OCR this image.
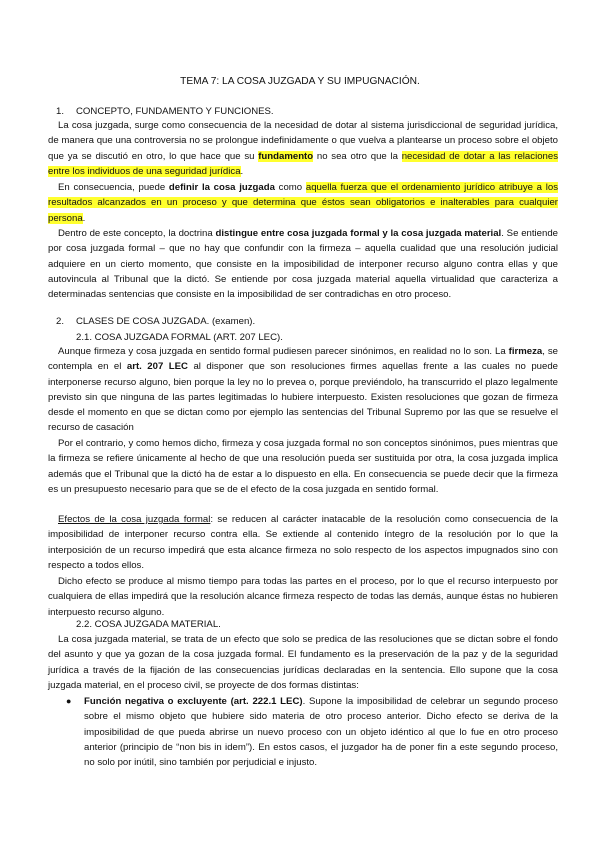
TEMA 7: LA COSA JUZGADA Y SU IMPUGNACIÓN.
1. CONCEPTO, FUNDAMENTO Y FUNCIONES.

La cosa juzgada, surge como consecuencia de la necesidad de dotar al sistema jurisdiccional de seguridad jurídica, de manera que una controversia no se prolongue indefinidamente o que vuelva a plantearse un proceso sobre el objeto que ya se discutió en otro, lo que hace que su fundamento no sea otro que la necesidad de dotar a las relaciones entre los individuos de una seguridad jurídica.

En consecuencia, puede definir la cosa juzgada como aquella fuerza que el ordenamiento jurídico atribuye a los resultados alcanzados en un proceso y que determina que éstos sean obligatorios e inalterables para cualquier persona.

Dentro de este concepto, la doctrina distingue entre cosa juzgada formal y la cosa juzgada material. Se entiende por cosa juzgada formal – que no hay que confundir con la firmeza – aquella cualidad que una resolución judicial adquiere en un cierto momento, que consiste en la imposibilidad de interponer recurso alguno contra ellas y que autovincula al Tribunal que la dictó. Se entiende por cosa juzgada material aquella virtualidad que caracteriza a determinadas sentencias que consiste en la imposibilidad de ser contradichas en otro proceso.

2. CLASES DE COSA JUZGADA. (examen).
2.1. COSA JUZGADA FORMAL (ART. 207 LEC).

Aunque firmeza y cosa juzgada en sentido formal pudiesen parecer sinónimos, en realidad no lo son. La firmeza, se contempla en el art. 207 LEC al disponer que son resoluciones firmes aquellas frente a las cuales no puede interponerse recurso alguno, bien porque la ley no lo prevea o, porque previéndolo, ha transcurrido el plazo legalmente previsto sin que ninguna de las partes legitimadas lo hubiere interpuesto. Existen resoluciones que gozan de firmeza desde el momento en que se dictan como por ejemplo las sentencias del Tribunal Supremo por las que se resuelve el recurso de casación

Por el contrario, y como hemos dicho, firmeza y cosa juzgada formal no son conceptos sinónimos, pues mientras que la firmeza se refiere únicamente al hecho de que una resolución pueda ser sustituida por otra, la cosa juzgada implica además que el Tribunal que la dictó ha de estar a lo dispuesto en ella. En consecuencia se puede decir que la firmeza es un presupuesto necesario para que se de el efecto de la cosa juzgada en sentido formal.

Efectos de la cosa juzgada formal: se reducen al carácter inatacable de la resolución como consecuencia de la imposibilidad de interponer recurso contra ella. Se extiende al contenido íntegro de la resolución por lo que la interposición de un recurso impedirá que esta alcance firmeza no solo respecto de los aspectos impugnados sino con respecto a todos ellos.

Dicho efecto se produce al mismo tiempo para todas las partes en el proceso, por lo que el recurso interpuesto por cualquiera de ellas impedirá que la resolución alcance firmeza respecto de todas las demás, aunque éstas no hubieren interpuesto recurso alguno.

2.2. COSA JUZGADA MATERIAL.

La cosa juzgada material, se trata de un efecto que solo se predica de las resoluciones que se dictan sobre el fondo del asunto y que ya gozan de la cosa juzgada formal. El fundamento es la preservación de la paz y de la seguridad jurídica a través de la fijación de las consecuencias jurídicas declaradas en la sentencia. Ello supone que la cosa juzgada material, en el proceso civil, se proyecte de dos formas distintas:

● Función negativa o excluyente (art. 222.1 LEC). Supone la imposibilidad de celebrar un segundo proceso sobre el mismo objeto que hubiere sido materia de otro proceso anterior. Dicho efecto se deriva de la imposibilidad de que pueda abrirse un nuevo proceso con un objeto idéntico al que lo fue en otro proceso anterior (principio de “non bis in idem”). En estos casos, el juzgador ha de poner fin a este segundo proceso, no solo por inútil, sino también por perjudicial e injusto.
